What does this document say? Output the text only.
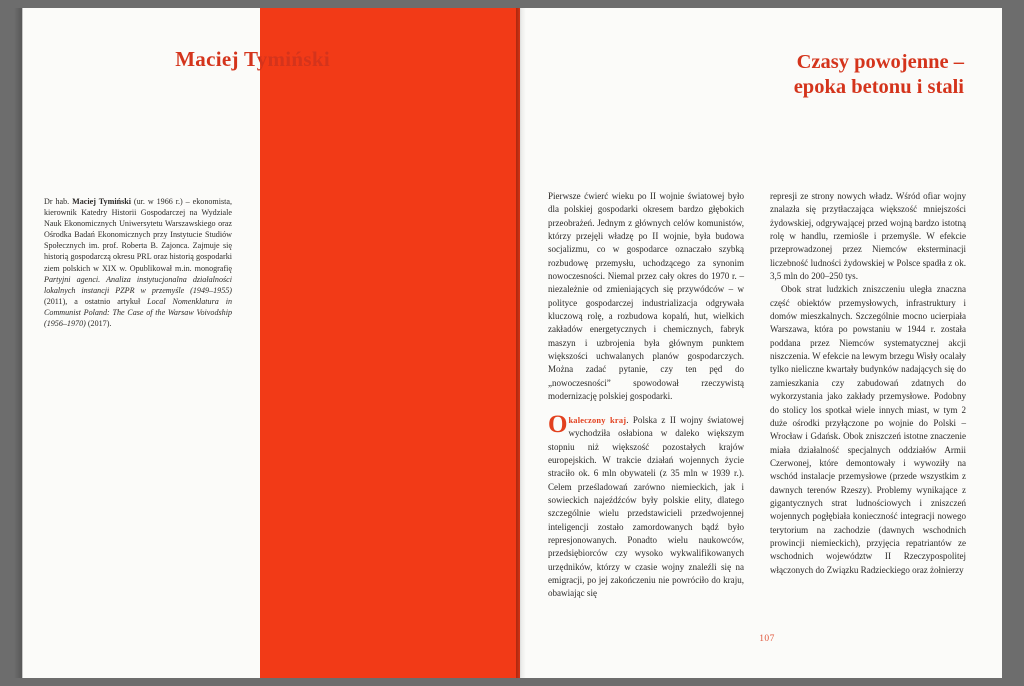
Maciej Tymiński
Dr hab. Maciej Tymiński (ur. w 1966 r.) – ekonomista, kierownik Katedry Historii Gospodarczej na Wydziale Nauk Ekonomicznych Uniwersytetu Warszawskiego oraz Ośrodka Badań Ekonomicznych przy Instytucie Studiów Społecznych im. prof. Roberta B. Zajonca. Zajmuje się historią gospodarczą okresu PRL oraz historią gospodarki ziem polskich w XIX w. Opublikował m.in. monografię Partyjni agenci. Analiza instytucjonalna działalności lokalnych instancji PZPR w przemyśle (1949–1955) (2011), a ostatnio artykuł Local Nomenklatura in Communist Poland: The Case of the Warsaw Voivodship (1956–1970) (2017).
Czasy powojenne –
epoka betonu i stali

Pierwsze ćwierć wieku po II wojnie światowej było dla polskiej gospodarki okresem bardzo głębokich przeobrażeń. Jednym z głównych celów komunistów, którzy przejęli władzę po II wojnie, była budowa socjalizmu, co w gospodarce oznaczało szybką rozbudowę przemysłu, uchodzącego za synonim nowoczesności. Niemal przez cały okres do 1970 r. – niezależnie od zmieniających się przywódców – w polityce gospodarczej industrializacja odgrywała kluczową rolę, a rozbudowa kopalń, hut, wielkich zakładów energetycznych i chemicznych, fabryk maszyn i uzbrojenia była głównym punktem większości uchwalanych planów gospodarczych. Można zadać pytanie, czy ten pęd do „nowoczesności” spowodował rzeczywistą modernizację polskiej gospodarki.

Okaleczony kraj. Polska z II wojny światowej wychodziła osłabiona w daleko większym stopniu niż większość pozostałych krajów europejskich. W trakcie działań wojennych życie straciło ok. 6 mln obywateli (z 35 mln w 1939 r.). Celem prześladowań zarówno niemieckich, jak i sowieckich najeźdźców były polskie elity, dlatego szczególnie wielu przedstawicieli przedwojennej inteligencji zostało zamordowanych bądź było represjonowanych. Ponadto wielu naukowców, przedsiębiorców czy wysoko wykwalifikowanych urzędników, którzy w czasie wojny znaleźli się na emigracji, po jej zakończeniu nie powróciło do kraju, obawiając się

represji ze strony nowych władz. Wśród ofiar wojny znalazła się przytłaczająca większość mniejszości żydowskiej, odgrywającej przed wojną bardzo istotną rolę w handlu, rzemiośle i przemyśle. W efekcie przeprowadzonej przez Niemców eksterminacji liczebność ludności żydowskiej w Polsce spadła z ok. 3,5 mln do 200–250 tys.

Obok strat ludzkich zniszczeniu uległa znaczna część obiektów przemysłowych, infrastruktury i domów mieszkalnych. Szczególnie mocno ucierpiała Warszawa, która po powstaniu w 1944 r. została poddana przez Niemców systematycznej akcji niszczenia. W efekcie na lewym brzegu Wisły ocalały tylko nieliczne kwartały budynków nadających się do zamieszkania czy zabudowań zdatnych do wykorzystania jako zakłady przemysłowe. Podobny do stolicy los spotkał wiele innych miast, w tym 2 duże ośrodki przyłączone po wojnie do Polski – Wrocław i Gdańsk. Obok zniszczeń istotne znaczenie miała działalność specjalnych oddziałów Armii Czerwonej, które demontowały i wywoziły na wschód instalacje przemysłowe (przede wszystkim z dawnych terenów Rzeszy). Problemy wynikające z gigantycznych strat ludnościowych i zniszczeń wojennych pogłębiała konieczność integracji nowego terytorium na zachodzie (dawnych wschodnich prowincji niemieckich), przyjęcia repatriantów ze wschodnich województw II Rzeczypospolitej włączonych do Związku Radzieckiego oraz żołnierzy

107
